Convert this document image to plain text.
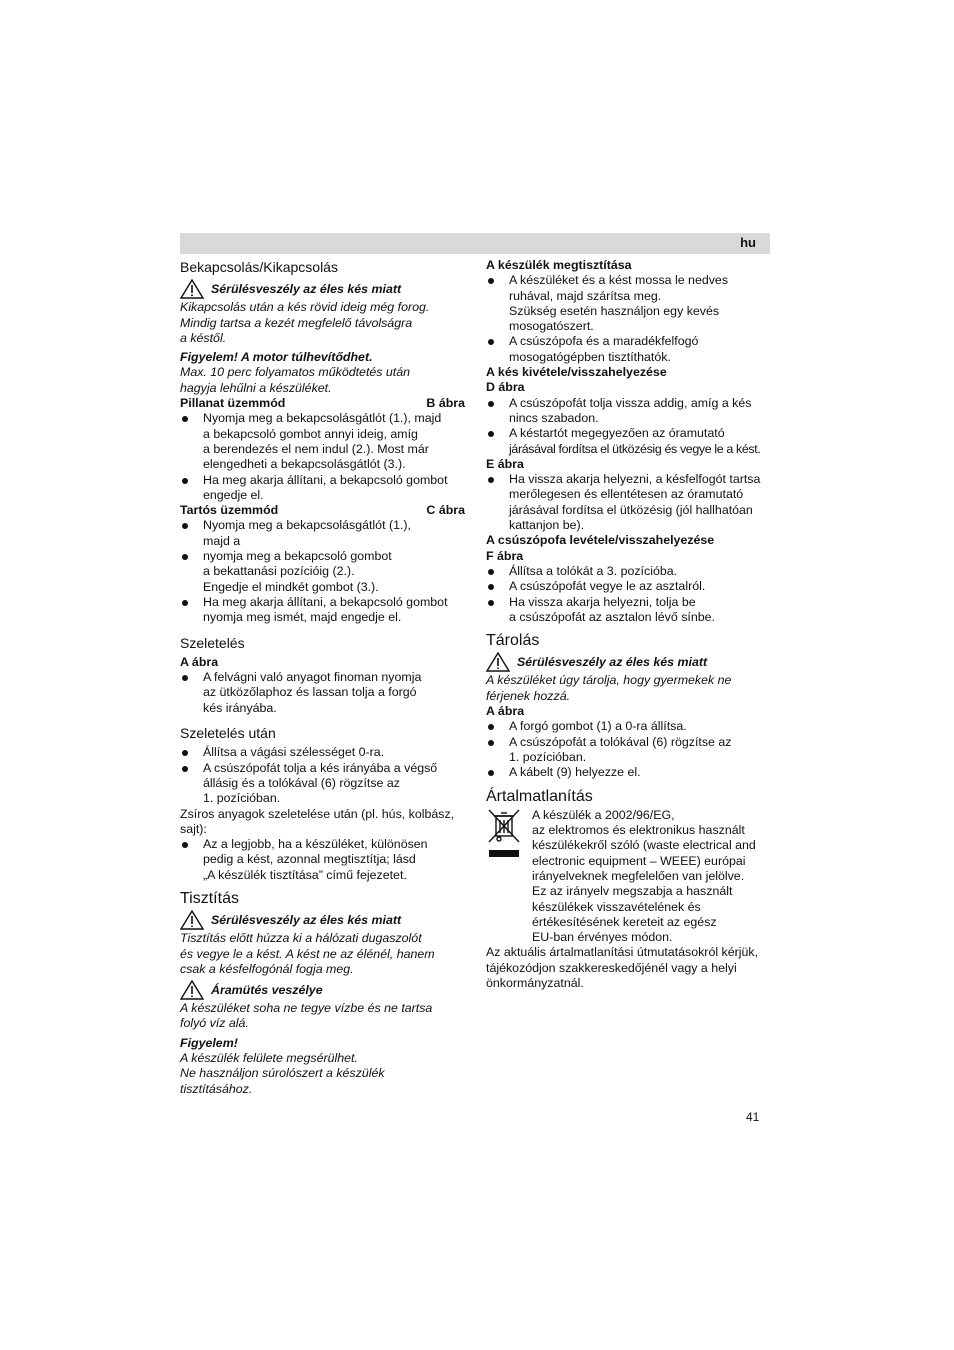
hu
Bekapcsolás/Kikapcsolás
Sérülésveszély az éles kés miatt
Kikapcsolás után a kés rövid ideig még forog.
Mindig tartsa a kezét megfelelő távolságra
a késtől.
Figyelem! A motor túlhevítődhet.
Max. 10 perc folyamatos működtetés után
hagyja lehűlni a készüléket.
Pillanat üzemmód	B ábra
Nyomja meg a bekapcsolásgátlót (1.), majd
a bekapcsoló gombot annyi ideig, amíg
a berendezés el nem indul (2.). Most már
elengedheti a bekapcsolásgátlót (3.).
Ha meg akarja állítani, a bekapcsoló gombot
engedje el.
Tartós üzemmód	C ábra
Nyomja meg a bekapcsolásgátlót (1.),
majd a
nyomja meg a bekapcsoló gombot
a bekattanási pozícióig (2.).
Engedje el mindkét gombot (3.).
Ha meg akarja állítani, a bekapcsoló gombot
nyomja meg ismét, majd engedje el.
Szeletelés
A ábra
A felvágni való anyagot finoman nyomja
az ütközőlaphoz és lassan tolja a forgó
kés irányába.
Szeletelés után
Állítsa a vágási szélességet 0-ra.
A csúszópofát tolja a kés irányába a végső
állásig és a tolókával (6) rögzítse az
1. pozícióban.
Zsíros anyagok szeletelése után (pl. hús, kolbász,
sajt):
Az a legjobb, ha a készüléket, különösen
pedig a kést, azonnal megtisztítja; lásd
„A készülék tisztítása” című fejezetet.
Tisztítás
Sérülésveszély az éles kés miatt
Tisztítás előtt húzza ki a hálózati dugaszolót
és vegye le a kést. A kést ne az élénél, hanem
csak a késfelfogónál fogja meg.
Áramütés veszélye
A készüléket soha ne tegye vízbe és ne tartsa
folyó víz alá.
Figyelem!
A készülék felülete megsérülhet.
Ne használjon súrolószert a készülék
tisztításához.
A készülék megtisztítása
A készüléket és a kést mossa le nedves
ruhával, majd szárítsa meg.
Szükség esetén használjon egy kevés
mosogatószert.
A csúszópofa és a maradékfelfogó
mosogatógépben tisztíthatók.
A kés kivétele/visszahelyezése
D ábra
A csúszópofát tolja vissza addig, amíg a kés
nincs szabadon.
A késtartót megegyezően az óramutató
járásával fordítsa el ütközésig és vegye le a kést.
E ábra
Ha vissza akarja helyezni, a késfelfogót tartsa
merőlegesen és ellentétesen az óramutató
járásával fordítsa el ütközésig (jól hallhatóan
kattanjon be).
A csúszópofa levétele/visszahelyezése
F ábra
Állítsa a tolókát a 3. pozícióba.
A csúszópofát vegye le az asztalról.
Ha vissza akarja helyezni, tolja be
a csúszópofát az asztalon lévő sínbe.
Tárolás
Sérülésveszély az éles kés miatt
A készüléket úgy tárolja, hogy gyermekek ne
férjenek hozzá.
A ábra
A forgó gombot (1) a 0-ra állítsa.
A csúszópofát a tolókával (6) rögzítse az
1. pozícióban.
A kábelt (9) helyezze el.
Ártalmatlanítás
A készülék a 2002/96/EG,
az elektromos és elektronikus használt
készülékekről szóló (waste electrical and
electronic equipment – WEEE) európai
irányelveknek megfelelően van jelölve.
Ez az irányelv megszabja a használt
készülékek visszavételének és
értékesítésének kereteit az egész
EU-ban érvényes módon.
Az aktuális ártalmatlanítási útmutatásokról kérjük,
tájékozódjon szakkereskedőjénél vagy a helyi
önkormányzatnál.
41
